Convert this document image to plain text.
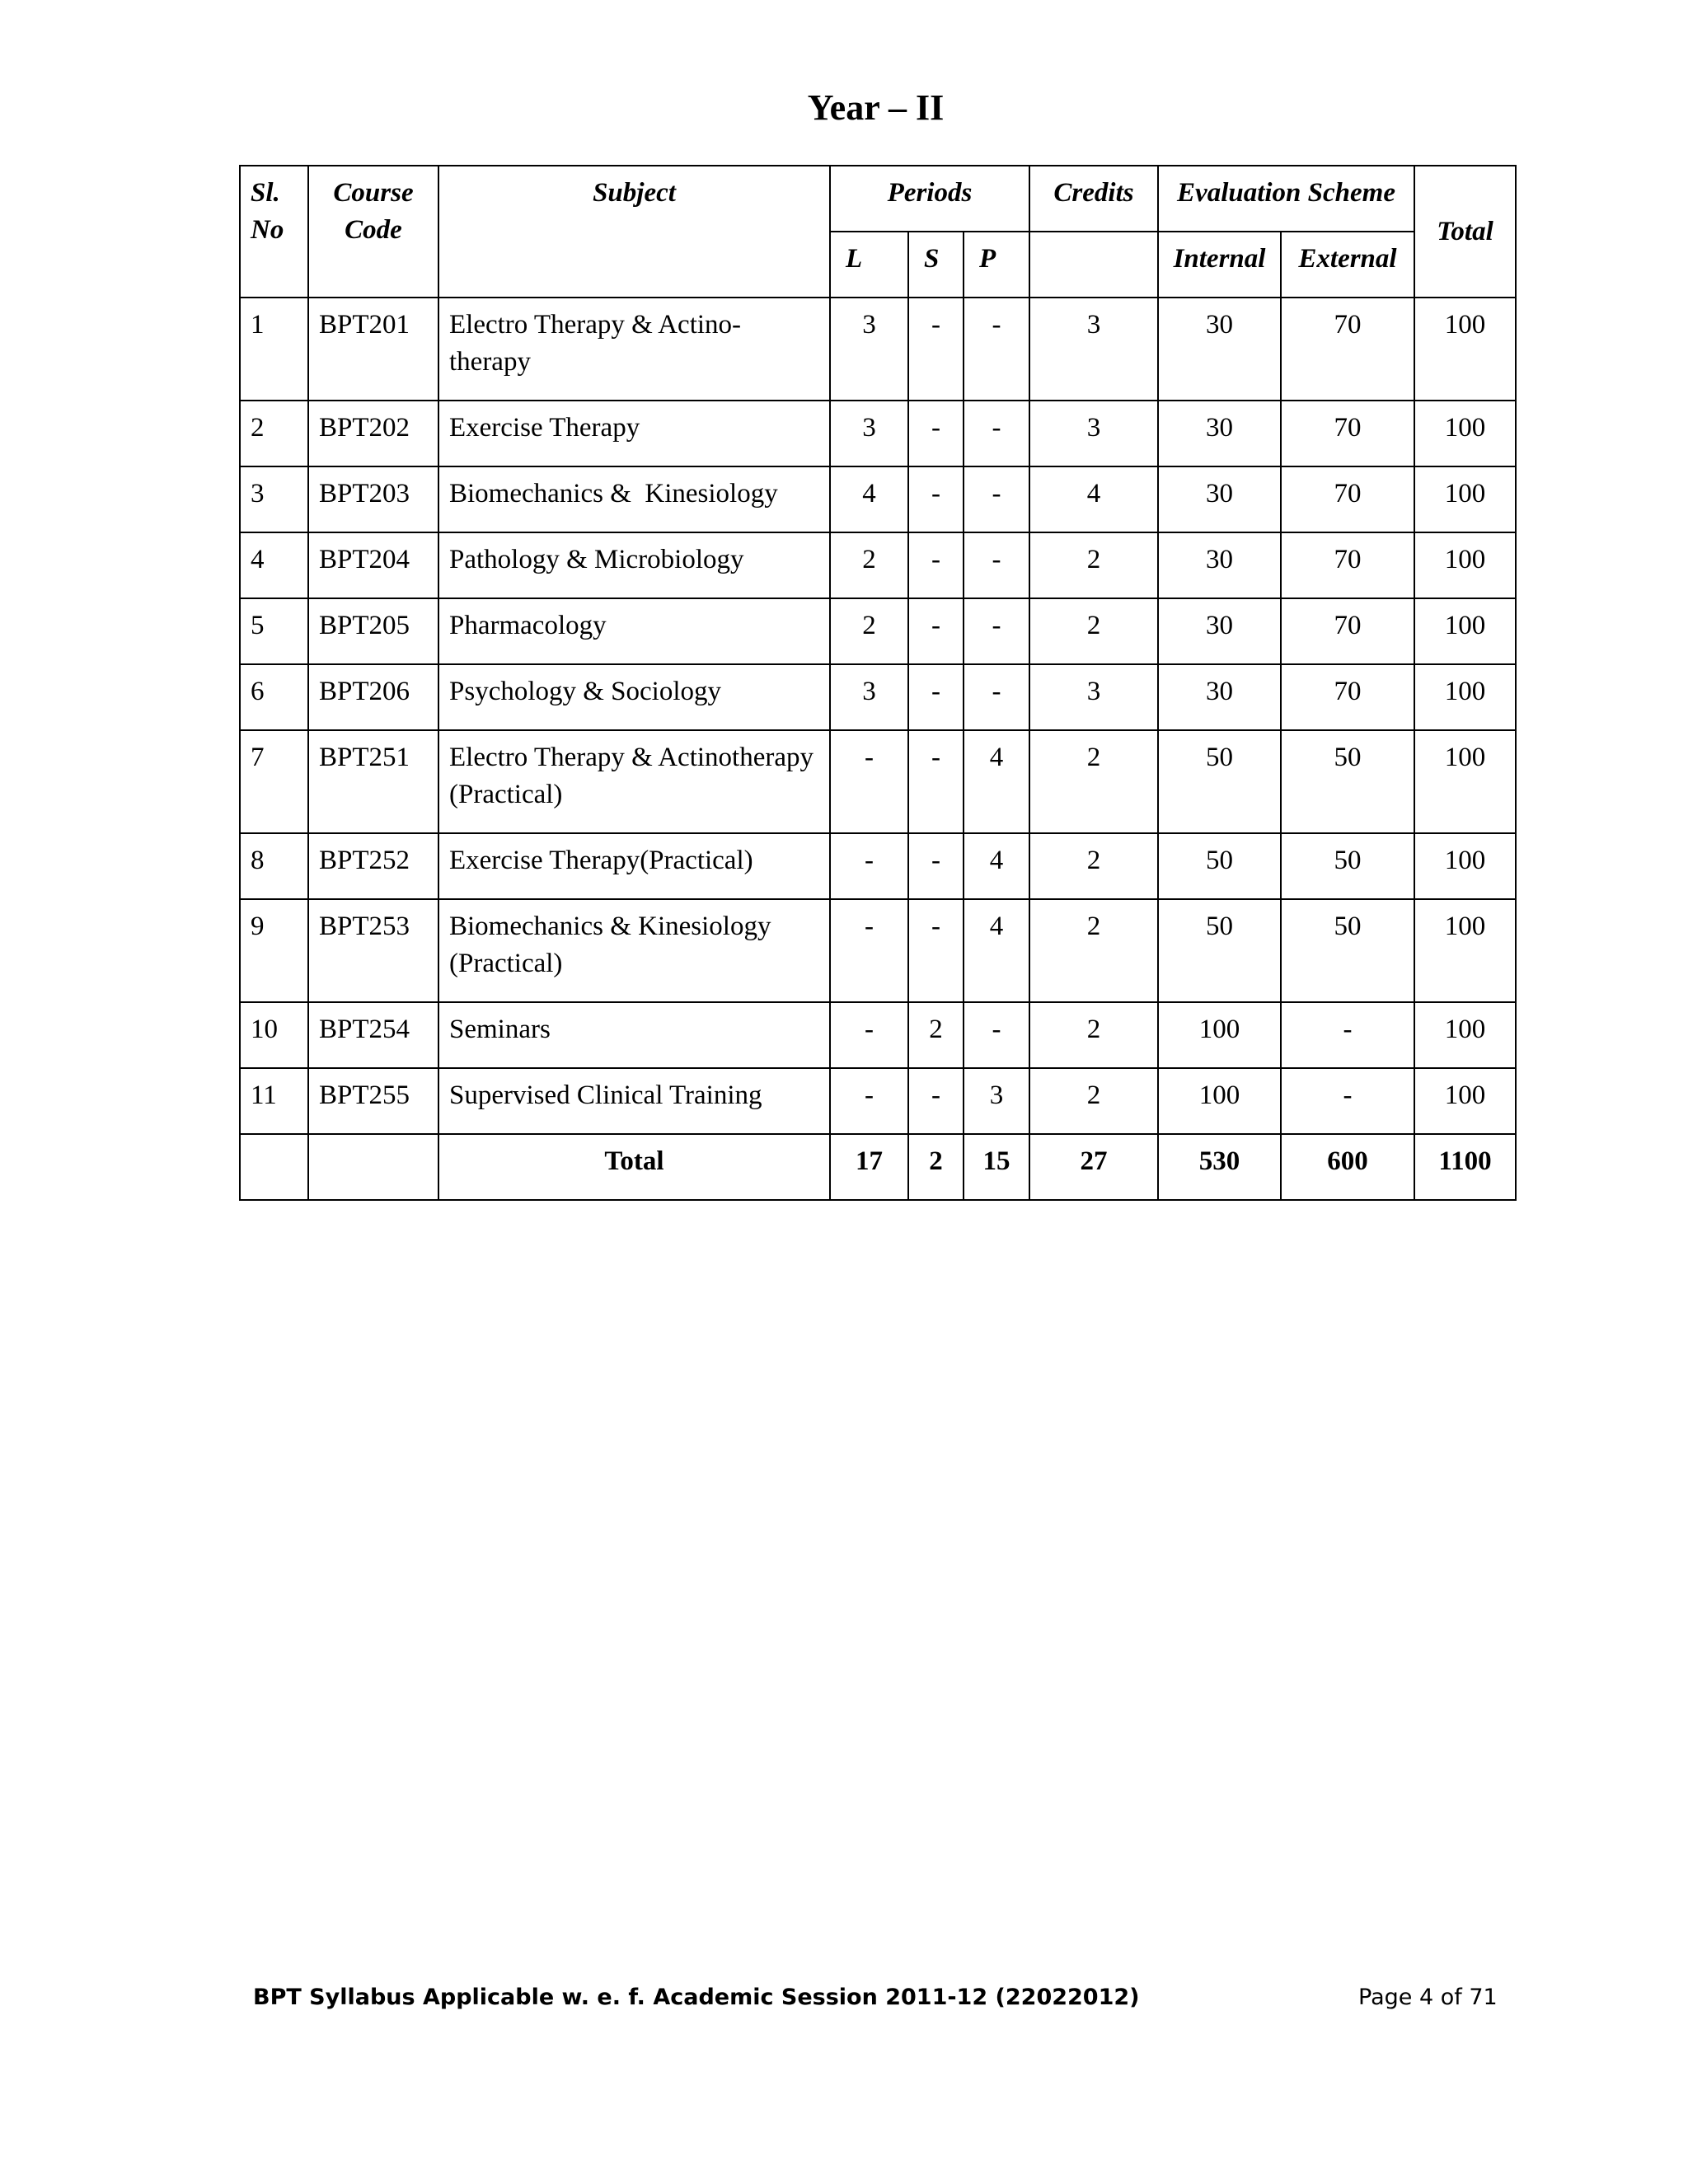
Year – II
Sl. No	Course Code	Subject	Periods			Credits	Evaluation Scheme		Total
			L	S	P		Internal	External	
1	BPT201	Electro Therapy & Actino-therapy	3	-	-	3	30	70	100
2	BPT202	Exercise Therapy	3	-	-	3	30	70	100
3	BPT203	Biomechanics &  Kinesiology	4	-	-	4	30	70	100
4	BPT204	Pathology & Microbiology	2	-	-	2	30	70	100
5	BPT205	Pharmacology	2	-	-	2	30	70	100
6	BPT206	Psychology & Sociology	3	-	-	3	30	70	100
7	BPT251	Electro Therapy & Actinotherapy (Practical)	-	-	4	2	50	50	100
8	BPT252	Exercise Therapy(Practical)	-	-	4	2	50	50	100
9	BPT253	Biomechanics & Kinesiology (Practical)	-	-	4	2	50	50	100
10	BPT254	Seminars	-	2	-	2	100	-	100
11	BPT255	Supervised Clinical Training	-	-	3	2	100	-	100
		Total	17	2	15	27	530	600	1100
BPT Syllabus Applicable w. e. f. Academic Session 2011-12 (22022012)	Page 4 of 71
